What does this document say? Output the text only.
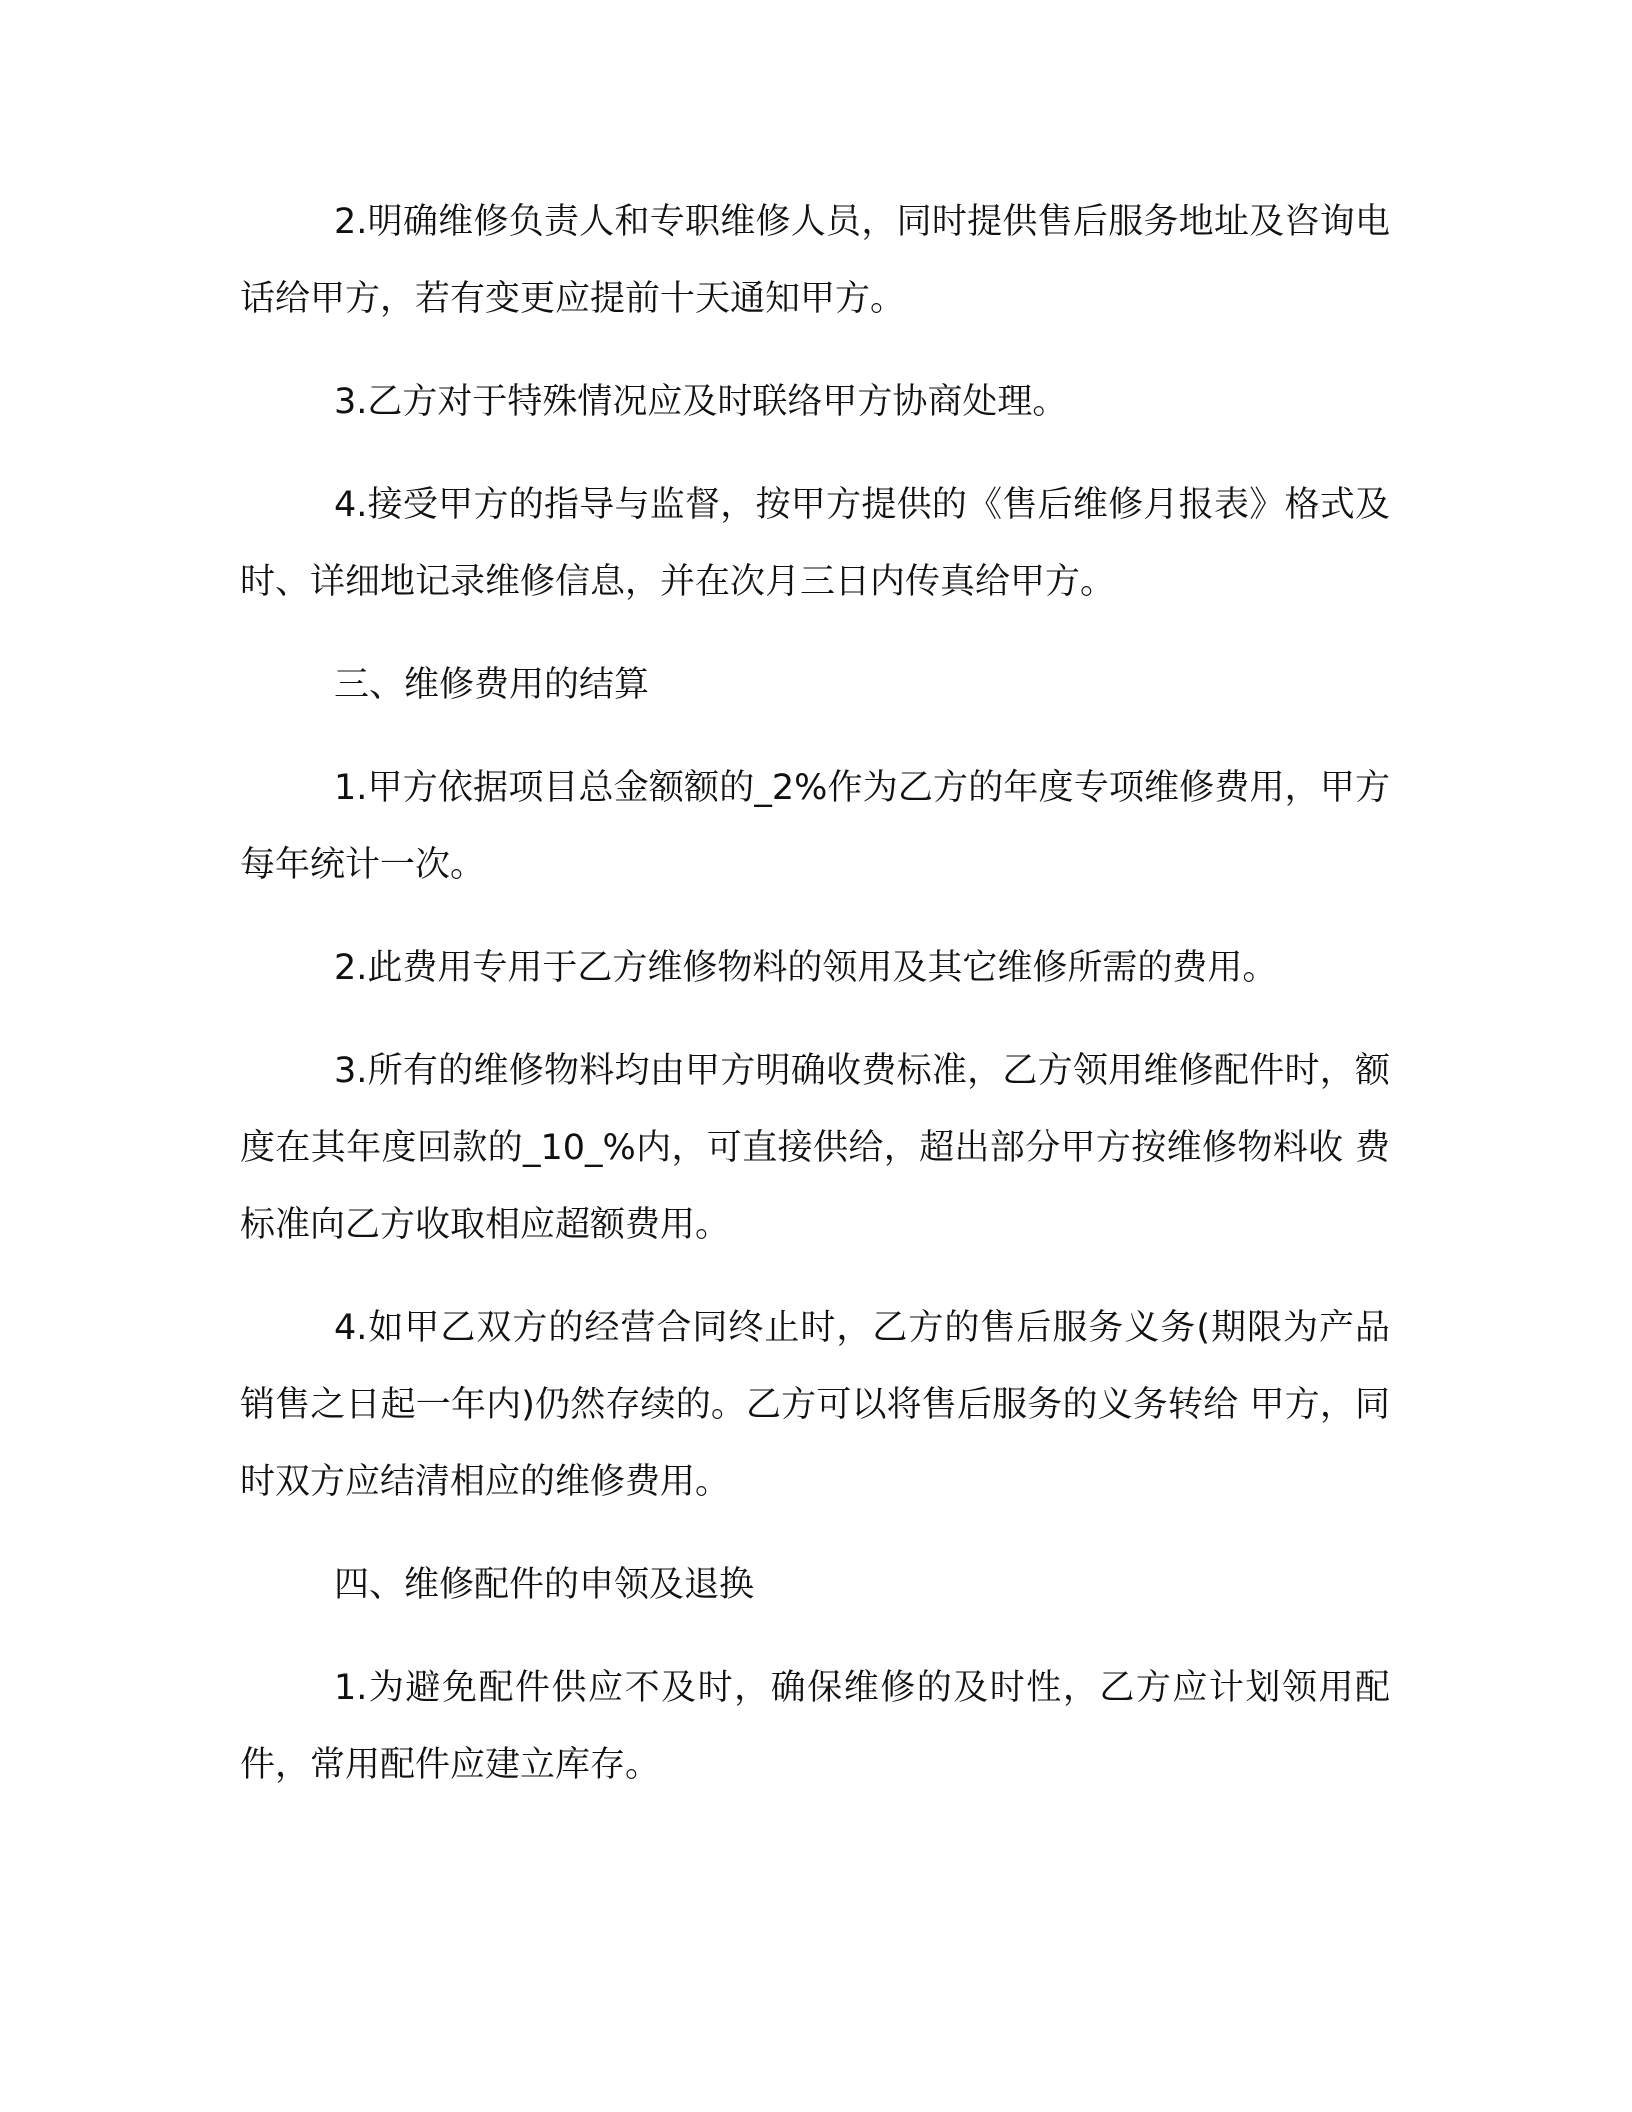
2.明确维修负责人和专职维修人员，同时提供售后服务地址及咨询电话给甲方，若有变更应提前十天通知甲方。

3.乙方对于特殊情况应及时联络甲方协商处理。

4.接受甲方的指导与监督，按甲方提供的《售后维修月报表》格式及时、详细地记录维修信息，并在次月三日内传真给甲方。

三、维修费用的结算

1.甲方依据项目总金额额的_2%作为乙方的年度专项维修费用，甲方每年统计一次。

2.此费用专用于乙方维修物料的领用及其它维修所需的费用。

3.所有的维修物料均由甲方明确收费标准，乙方领用维修配件时，额度在其年度回款的_10_%内，可直接供给，超出部分甲方按维修物料收 费标准向乙方收取相应超额费用。

4.如甲乙双方的经营合同终止时，乙方的售后服务义务(期限为产品销售之日起一年内)仍然存续的。乙方可以将售后服务的义务转给 甲方，同时双方应结清相应的维修费用。

四、维修配件的申领及退换

1.为避免配件供应不及时，确保维修的及时性，乙方应计划领用配件，常用配件应建立库存。
